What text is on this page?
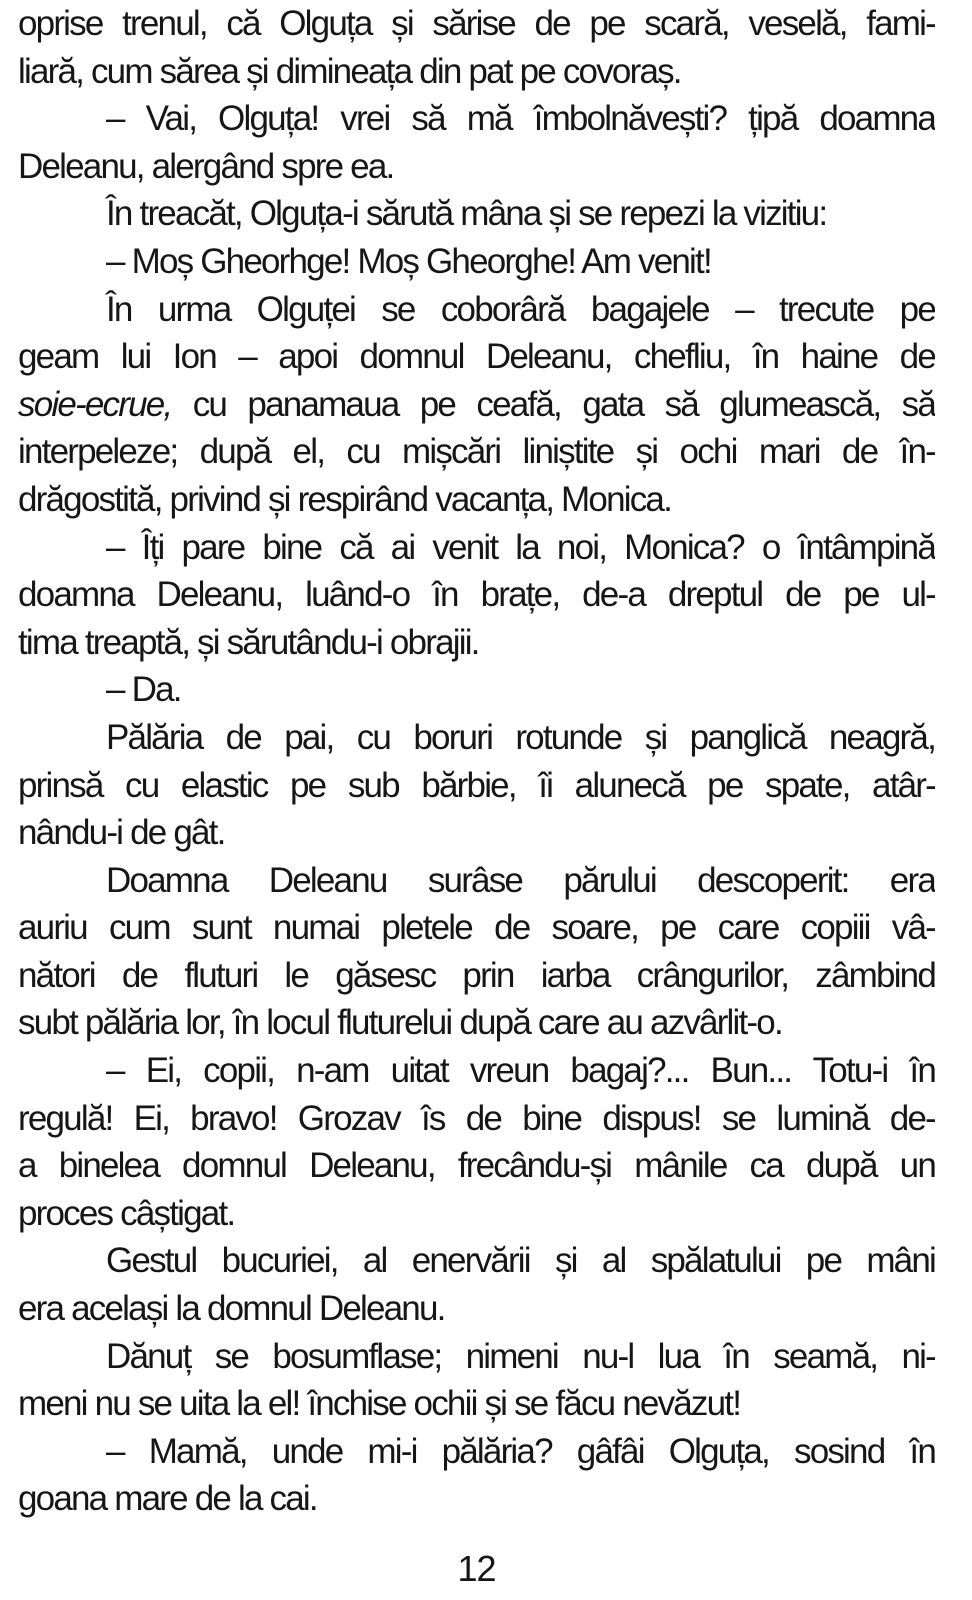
oprise trenul, că Olguța și sărise de pe scară, veselă, fami-
liară, cum sărea și dimineața din pat pe covoraș.
– Vai, Olguța! vrei să mă îmbolnăvești? țipă doamna
Deleanu, alergând spre ea.
În treacăt, Olguța-i sărută mâna și se repezi la vizitiu:
– Moș Gheorhge! Moș Gheorghe! Am venit!
În urma Olguței se coborâră bagajele – trecute pe
geam lui Ion – apoi domnul Deleanu, chefliu, în haine de
soie-ecrue, cu panamaua pe ceafă, gata să glumească, să
interpeleze; după el, cu mișcări liniștite și ochi mari de în-
drăgostită, privind și respirând vacanța, Monica.
– Îți pare bine că ai venit la noi, Monica? o întâmpină
doamna Deleanu, luând-o în brațe, de-a dreptul de pe ul-
tima treaptă, și sărutându-i obrajii.
– Da.
Pălăria de pai, cu boruri rotunde și panglică neagră,
prinsă cu elastic pe sub bărbie, îi alunecă pe spate, atâr-
nându-i de gât.
Doamna Deleanu surâse părului descoperit: era
auriu cum sunt numai pletele de soare, pe care copiii vâ-
nători de fluturi le găsesc prin iarba crângurilor, zâmbind
subt pălăria lor, în locul fluturelui după care au azvârlit-o.
– Ei, copii, n-am uitat vreun bagaj?... Bun... Totu-i în
regulă! Ei, bravo! Grozav îs de bine dispus! se lumină de-
a binelea domnul Deleanu, frecându-și mânile ca după un
proces câștigat.
Gestul bucuriei, al enervării și al spălatului pe mâni
era același la domnul Deleanu.
Dănuț se bosumflase; nimeni nu-l lua în seamă, ni-
meni nu se uita la el! închise ochii și se făcu nevăzut!
– Mamă, unde mi-i pălăria? gâfâi Olguța, sosind în
goana mare de la cai.
12
